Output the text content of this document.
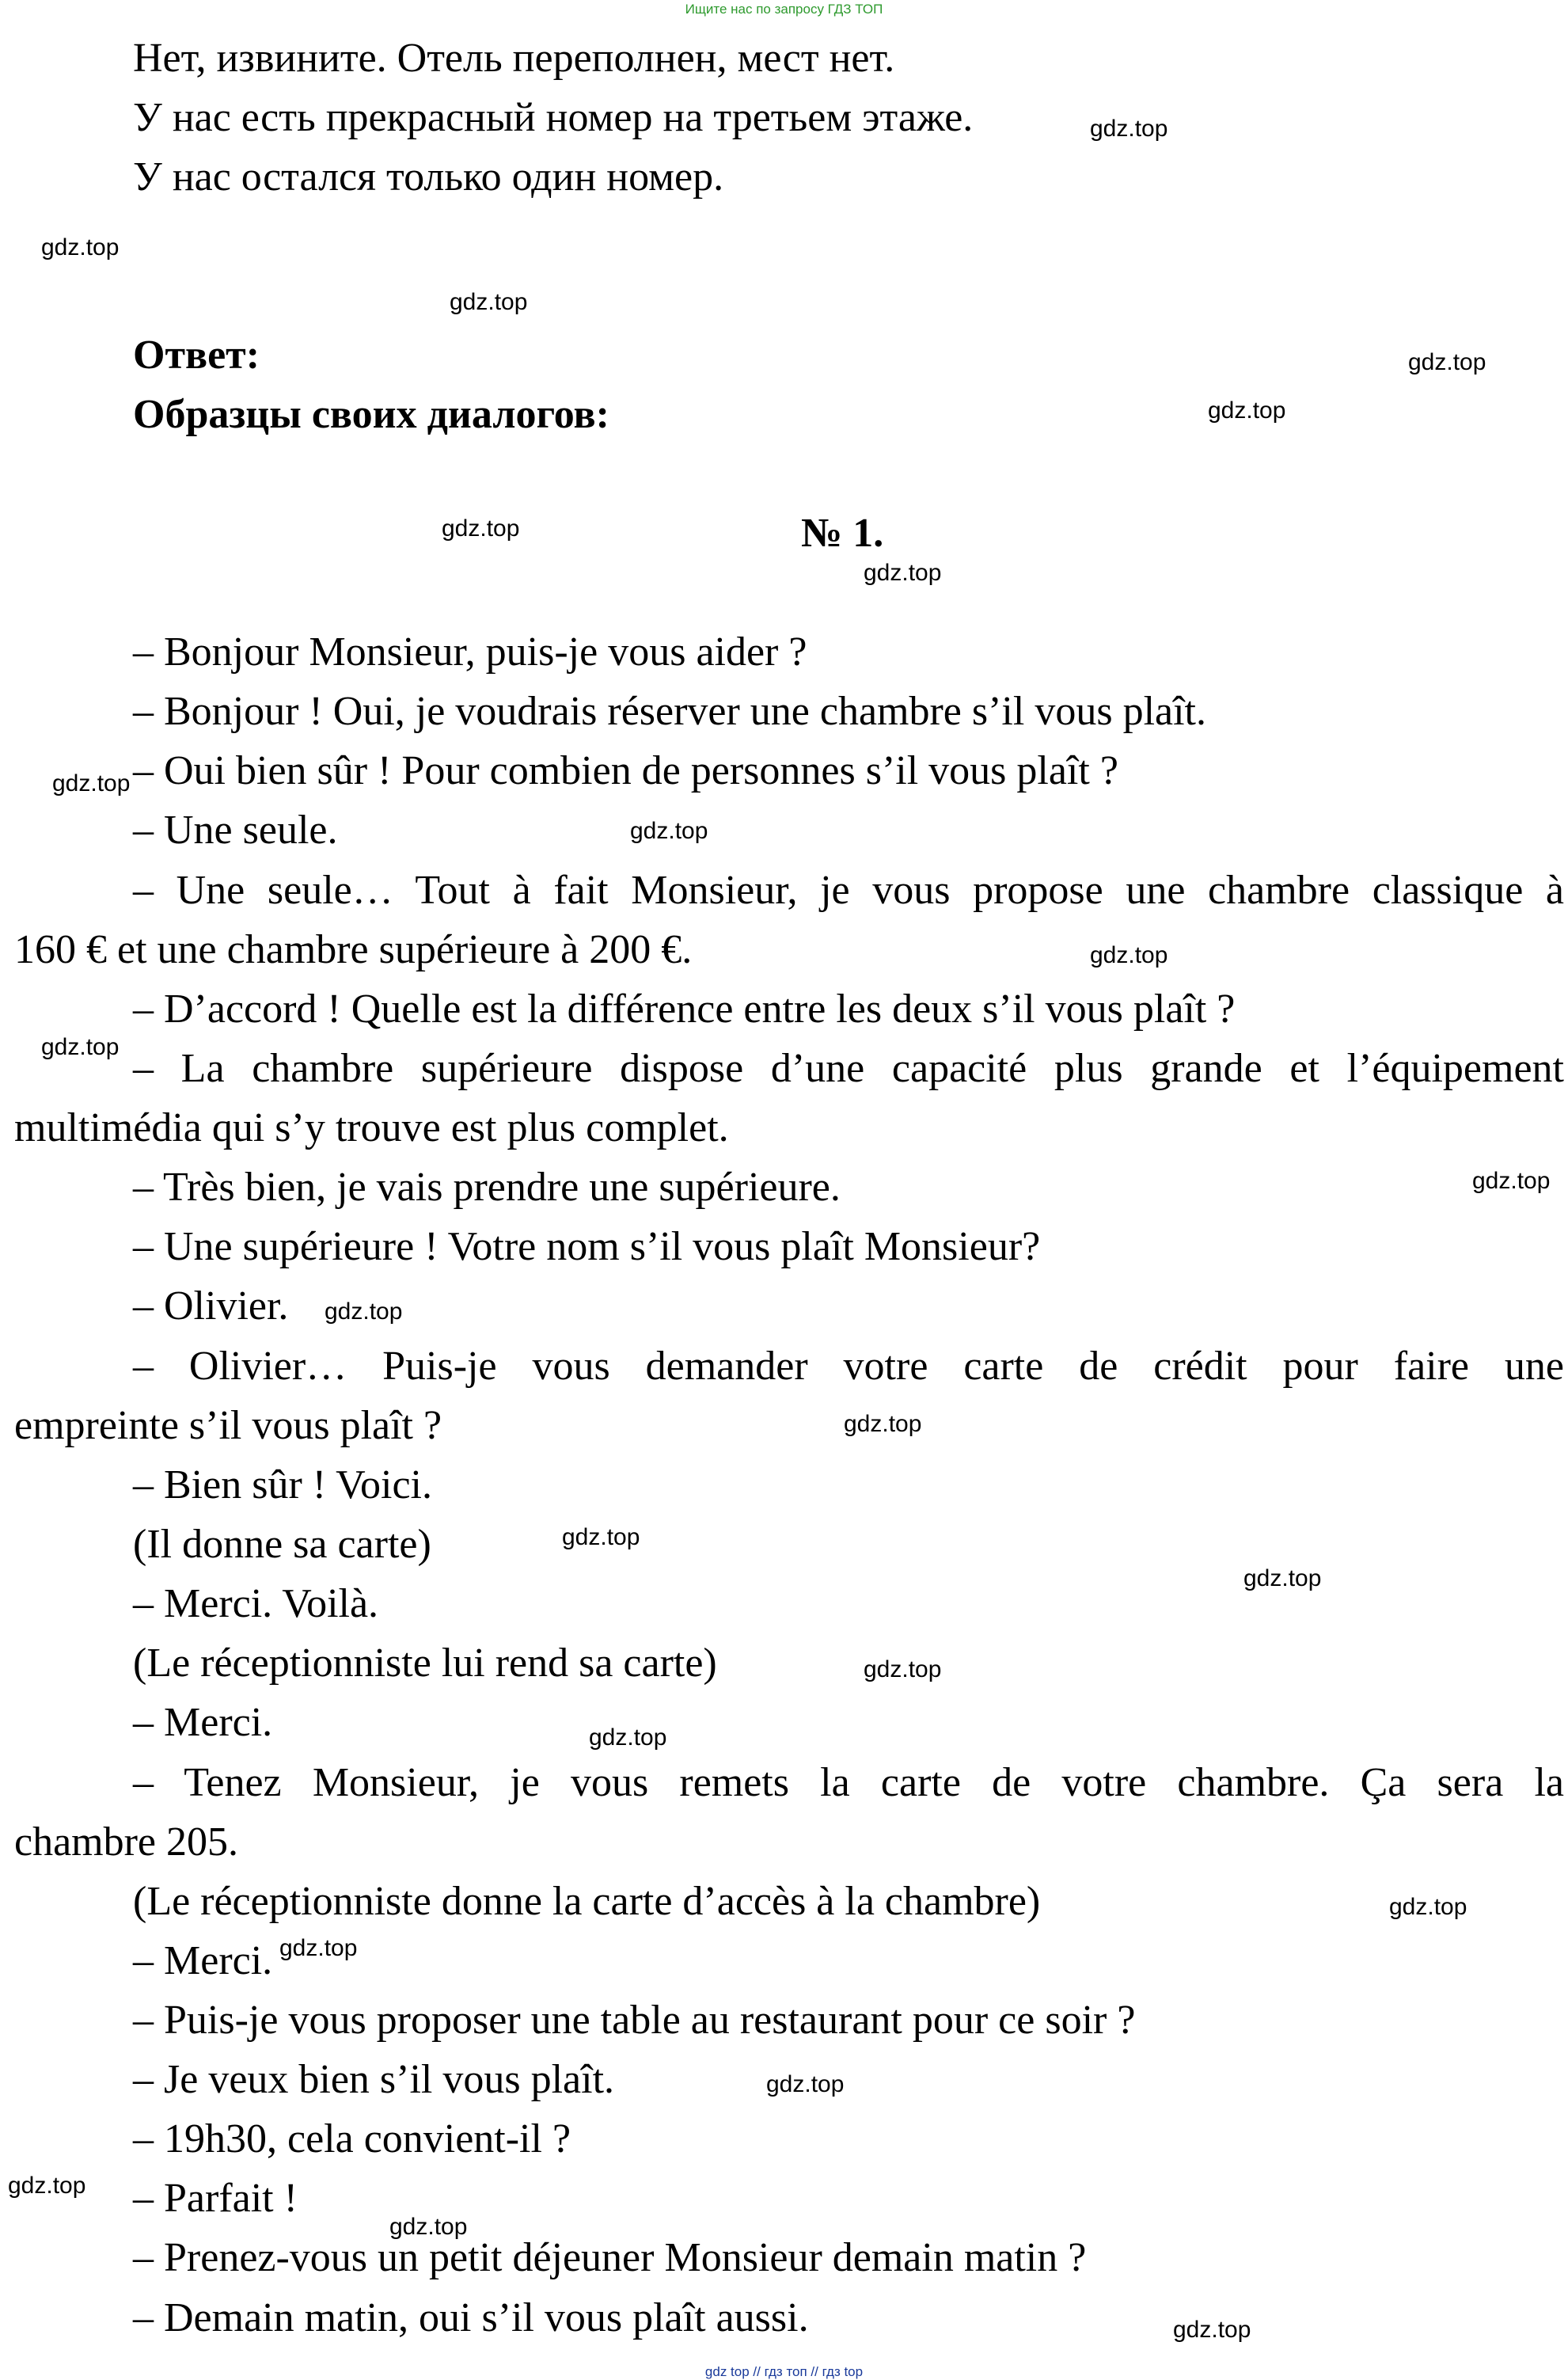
Ищите нас по запросу ГДЗ ТОП
Нет, извините. Отель переполнен, мест нет.
У нас есть прекрасный номер на третьем этаже.
У нас остался только один номер.
Ответ:
Образцы своих диалогов:
№ 1.
– Bonjour Monsieur, puis-je vous aider ?
– Bonjour ! Oui, je voudrais réserver une chambre s’il vous plaît.
– Oui bien sûr ! Pour combien de personnes s’il vous plaît ?
– Une seule.
– Une seule… Tout à fait Monsieur, je vous propose une chambre classique à
160 € et une chambre supérieure à 200 €.
– D’accord ! Quelle est la différence entre les deux s’il vous plaît ?
– La chambre supérieure dispose d’une capacité plus grande et l’équipement
multimédia qui s’y trouve est plus complet.
– Très bien, je vais prendre une supérieure.
– Une supérieure ! Votre nom s’il vous plaît Monsieur?
– Olivier.
– Olivier… Puis-je vous demander votre carte de crédit pour faire une
empreinte s’il vous plaît ?
– Bien sûr ! Voici.
(Il donne sa carte)
– Merci. Voilà.
(Le réceptionniste lui rend sa carte)
– Merci.
– Tenez Monsieur, je vous remets la carte de votre chambre. Ça sera la
chambre 205.
(Le réceptionniste donne la carte d’accès à la chambre)
– Merci.
– Puis-je vous proposer une table au restaurant pour ce soir ?
– Je veux bien s’il vous plaît.
– 19h30, cela convient-il ?
– Parfait !
– Prenez-vous un petit déjeuner Monsieur demain matin ?
– Demain matin, oui s’il vous plaît aussi.
gdz.top
gdz.top
gdz.top
gdz.top
gdz.top
gdz.top
gdz.top
gdz.top
gdz.top
gdz.top
gdz.top
gdz.top
gdz.top
gdz.top
gdz.top
gdz.top
gdz.top
gdz.top
gdz.top
gdz.top
gdz.top
gdz.top
gdz.top
gdz.top
gdz top // гдз топ // гдз top
